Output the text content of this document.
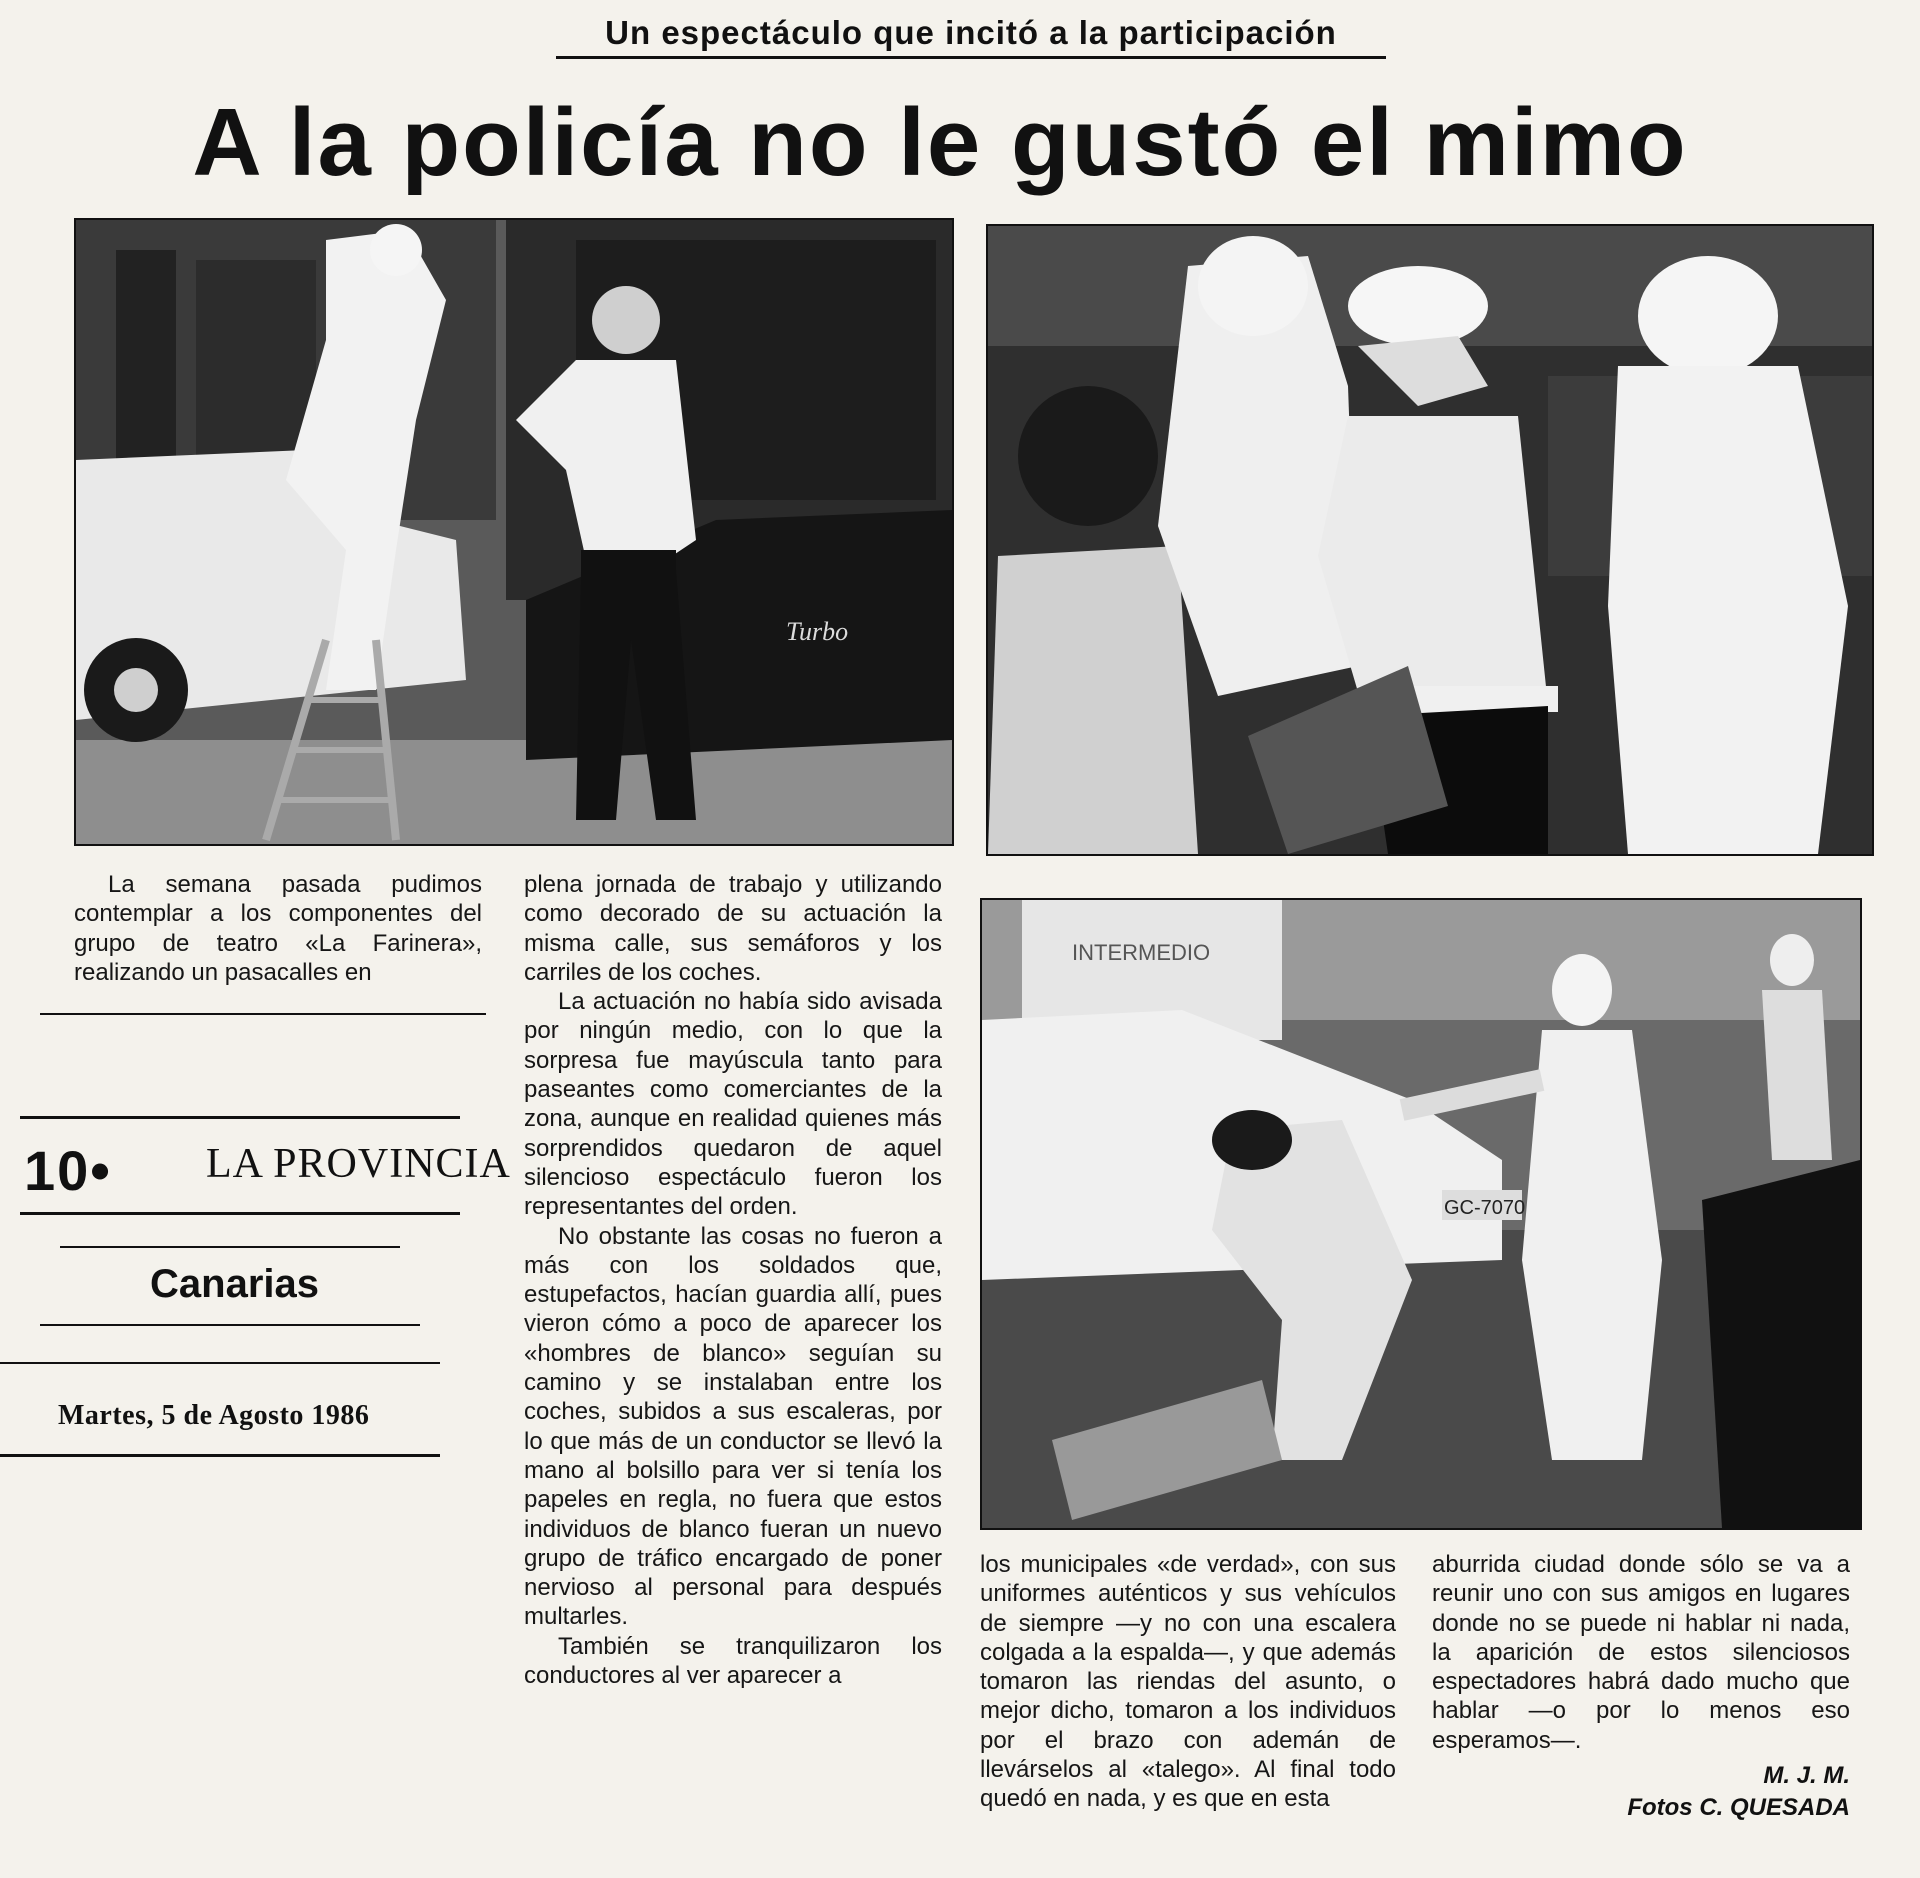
Un espectáculo que incitó a la participación
A la policía no le gustó el mimo
Turbo
INTERMEDIO
GC-7070

La semana pasada pudimos contemplar a los componentes del grupo de teatro «La Farinera», realizando un pasacalles en

10• LA PROVINCIA
Canarias
Martes, 5 de Agosto 1986

plena jornada de trabajo y utilizando como decorado de su actuación la misma calle, sus semáforos y los carriles de los coches.

La actuación no había sido avisada por ningún medio, con lo que la sorpresa fue mayúscula tanto para paseantes como comerciantes de la zona, aunque en realidad quienes más sorprendidos quedaron de aquel silencioso espectáculo fueron los representantes del orden.

No obstante las cosas no fueron a más con los soldados que, estupefactos, hacían guardia allí, pues vieron cómo a poco de aparecer los «hombres de blanco» seguían su camino y se instalaban entre los coches, subidos a sus escaleras, por lo que más de un conductor se llevó la mano al bolsillo para ver si tenía los papeles en regla, no fuera que estos individuos de blanco fueran un nuevo grupo de tráfico encargado de poner nervioso al personal para después multarles.

También se tranquilizaron los conductores al ver aparecer a

los municipales «de verdad», con sus uniformes auténticos y sus vehículos de siempre —y no con una escalera colgada a la espalda—, y que además tomaron las riendas del asunto, o mejor dicho, tomaron a los individuos por el brazo con ademán de llevárselos al «talego». Al final todo quedó en nada, y es que en esta

aburrida ciudad donde sólo se va a reunir uno con sus amigos en lugares donde no se puede ni hablar ni nada, la aparición de estos silenciosos espectadores habrá dado mucho que hablar —o por lo menos eso esperamos—.

M. J. M.
Fotos C. QUESADA
